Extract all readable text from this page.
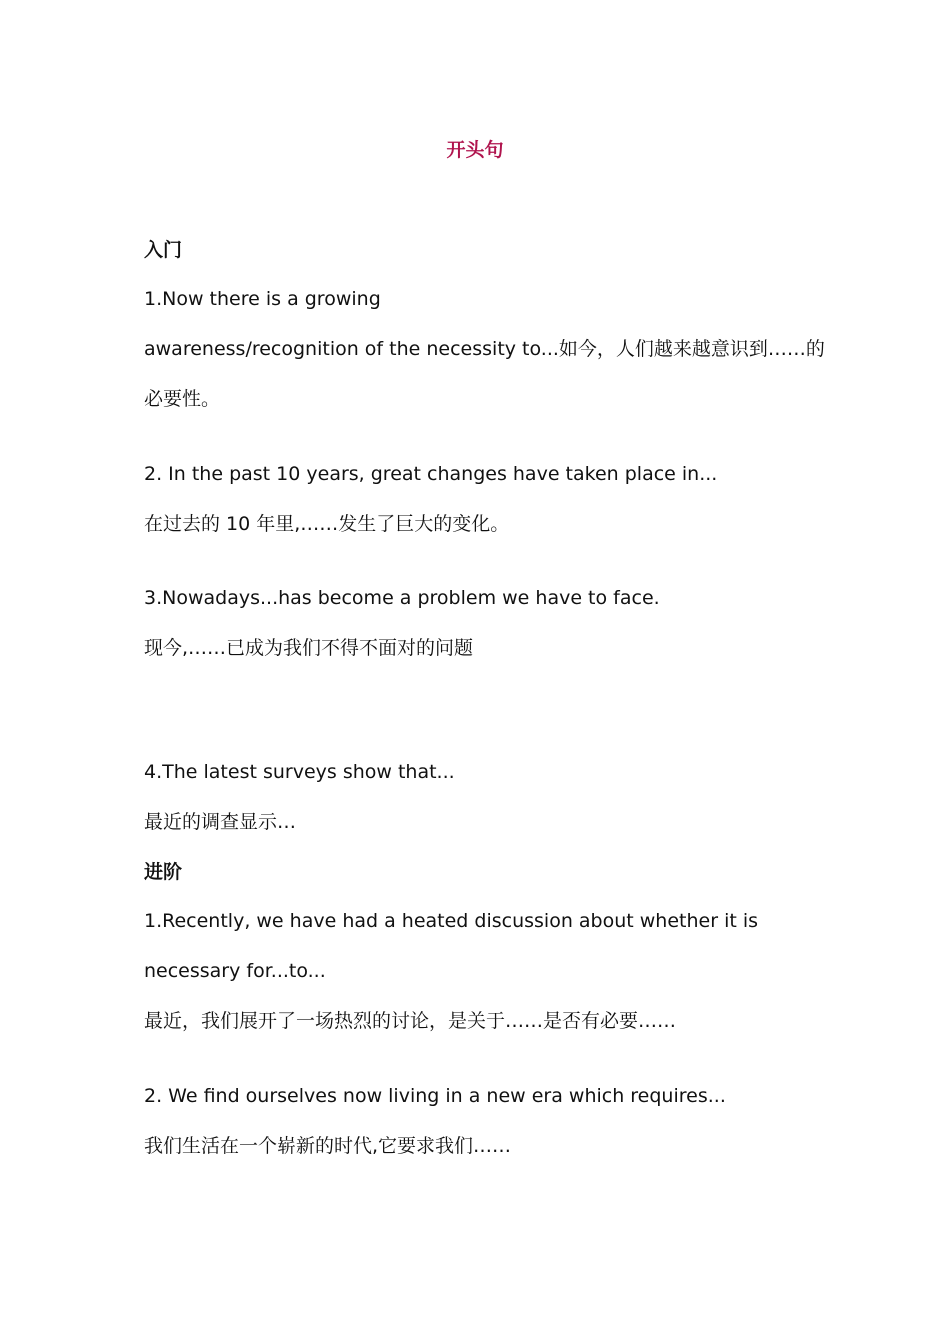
开头句
入门
1.Now there is a growing
awareness/recognition of the necessity to...如今，人们越来越意识到……的
必要性。
2. In the past 10 years, great changes have taken place in...
在过去的 10 年里,……发生了巨大的变化。
3.Nowadays...has become a problem we have to face.
现今,……已成为我们不得不面对的问题
4.The latest surveys show that...
最近的调查显示…
进阶
1.Recently, we have had a heated discussion about whether it is
necessary for...to...
最近，我们展开了一场热烈的讨论，是关于……是否有必要……
2. We find ourselves now living in a new era which requires...
我们生活在一个崭新的时代,它要求我们……
